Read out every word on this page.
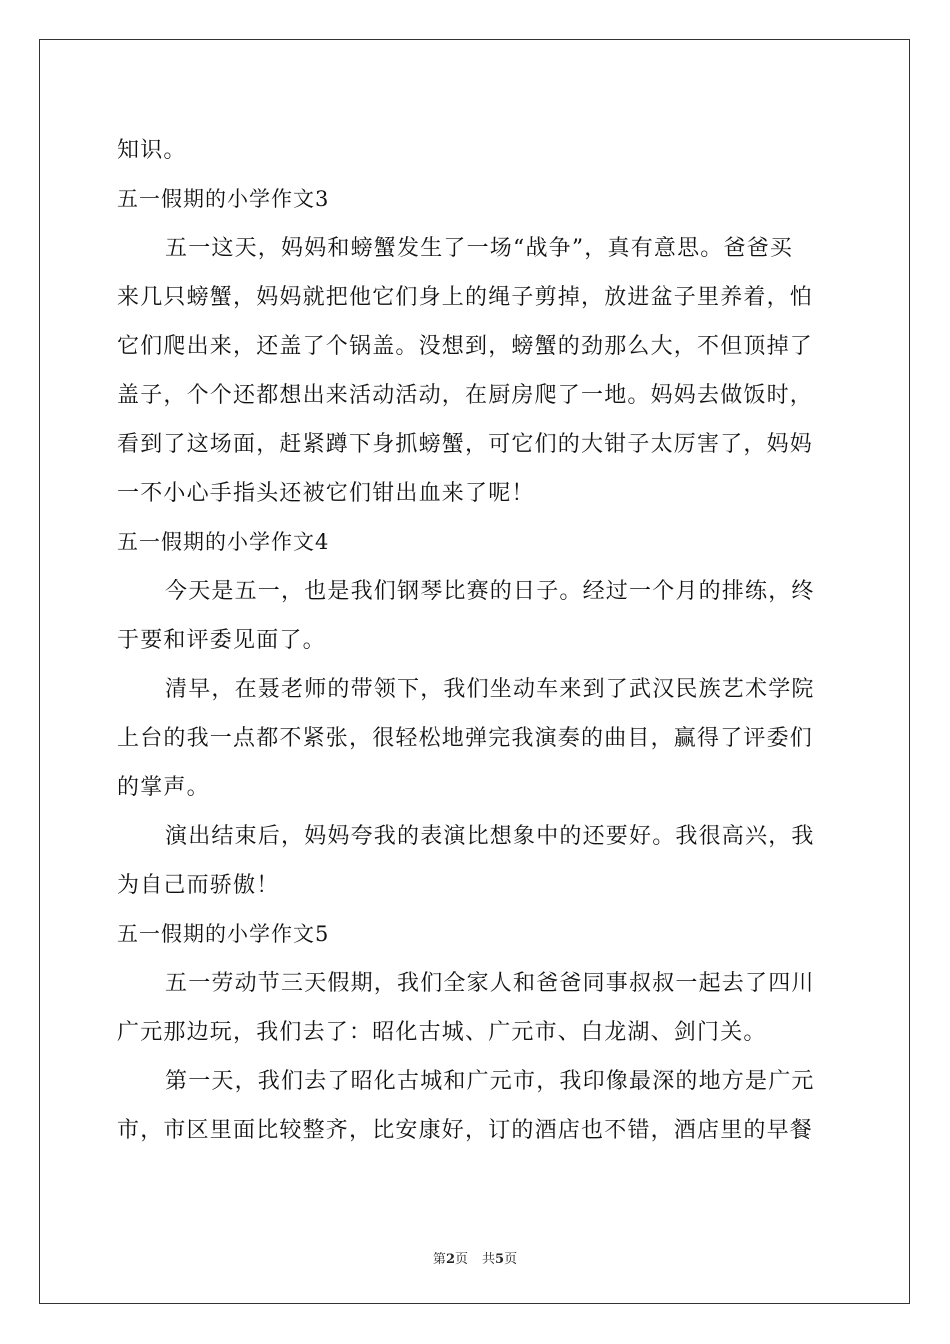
知识。
五一假期的小学作文3
五一这天，妈妈和螃蟹发生了一场“战争”，真有意思。爸爸买
来几只螃蟹，妈妈就把他它们身上的绳子剪掉，放进盆子里养着，怕
它们爬出来，还盖了个锅盖。没想到，螃蟹的劲那么大，不但顶掉了
盖子，个个还都想出来活动活动，在厨房爬了一地。妈妈去做饭时，
看到了这场面，赶紧蹲下身抓螃蟹，可它们的大钳子太厉害了，妈妈
一不小心手指头还被它们钳出血来了呢！
五一假期的小学作文4
今天是五一，也是我们钢琴比赛的日子。经过一个月的排练，终
于要和评委见面了。
清早，在聂老师的带领下，我们坐动车来到了武汉民族艺术学院
上台的我一点都不紧张，很轻松地弹完我演奏的曲目，赢得了评委们
的掌声。
演出结束后，妈妈夸我的表演比想象中的还要好。我很高兴，我
为自己而骄傲！
五一假期的小学作文5
五一劳动节三天假期，我们全家人和爸爸同事叔叔一起去了四川
广元那边玩，我们去了：昭化古城、广元市、白龙湖、剑门关。
第一天，我们去了昭化古城和广元市，我印像最深的地方是广元
市，市区里面比较整齐，比安康好，订的酒店也不错，酒店里的早餐
第2页 共5页
